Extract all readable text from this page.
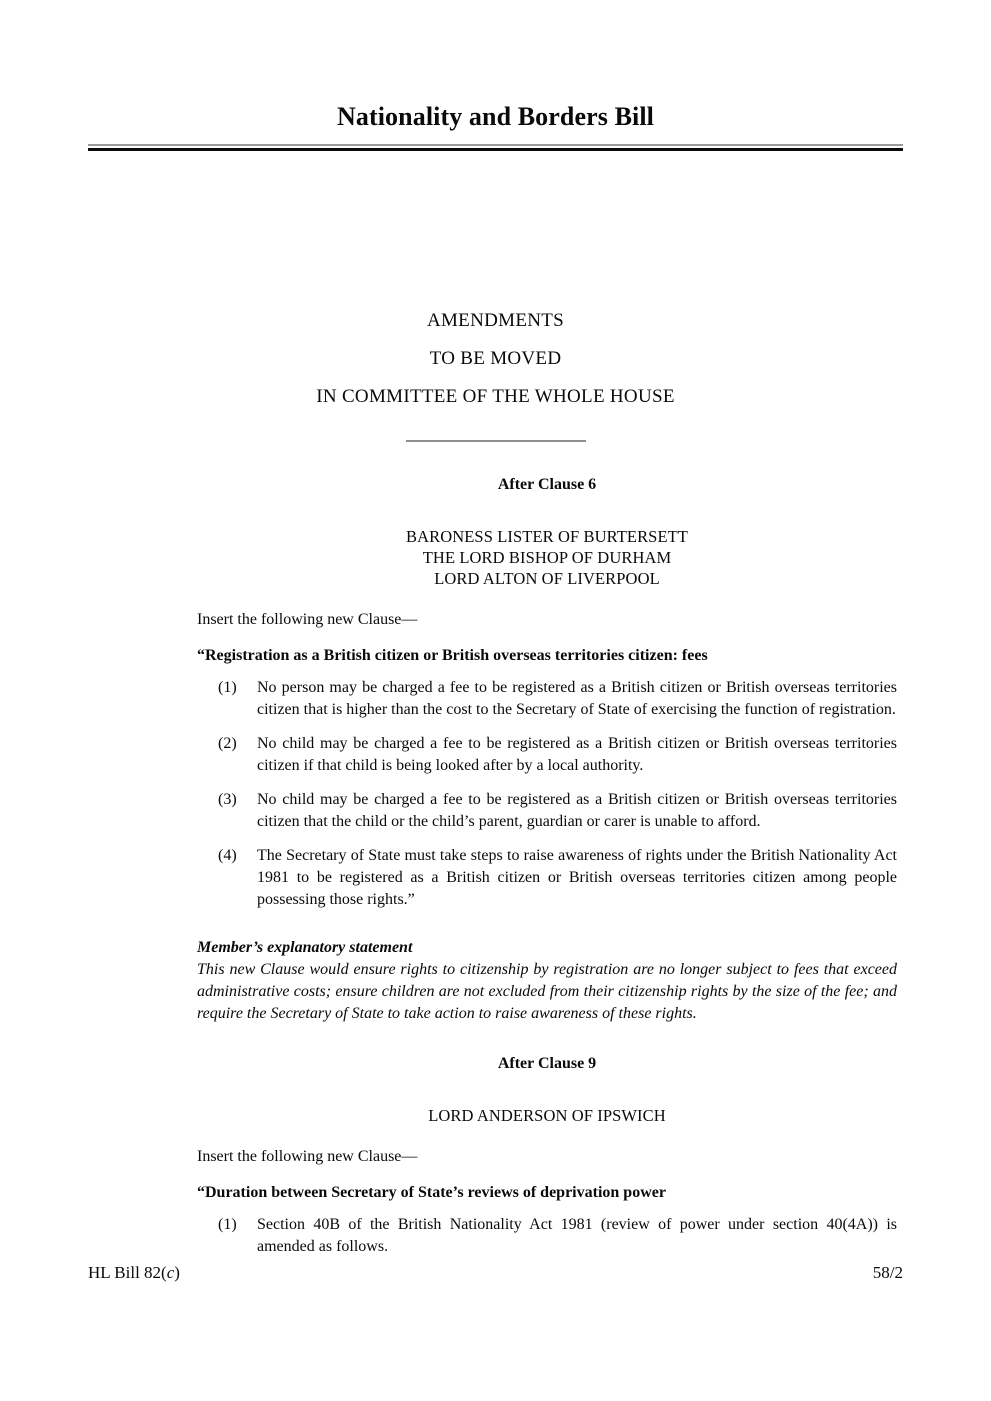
Nationality and Borders Bill

AMENDMENTS

TO BE MOVED

IN COMMITTEE OF THE WHOLE HOUSE

After Clause 6

BARONESS LISTER OF BURTERSETT
THE LORD BISHOP OF DURHAM
LORD ALTON OF LIVERPOOL

Insert the following new Clause—

“Registration as a British citizen or British overseas territories citizen: fees

(1)	No person may be charged a fee to be registered as a British citizen or British overseas territories citizen that is higher than the cost to the Secretary of State of exercising the function of registration.
(2)	No child may be charged a fee to be registered as a British citizen or British overseas territories citizen if that child is being looked after by a local authority.
(3)	No child may be charged a fee to be registered as a British citizen or British overseas territories citizen that the child or the child’s parent, guardian or carer is unable to afford.
(4)	The Secretary of State must take steps to raise awareness of rights under the British Nationality Act 1981 to be registered as a British citizen or British overseas territories citizen among people possessing those rights.”

Member’s explanatory statement

This new Clause would ensure rights to citizenship by registration are no longer subject to fees that exceed administrative costs; ensure children are not excluded from their citizenship rights by the size of the fee; and require the Secretary of State to take action to raise awareness of these rights.

After Clause 9

LORD ANDERSON OF IPSWICH

Insert the following new Clause—

“Duration between Secretary of State’s reviews of deprivation power

(1)	Section 40B of the British Nationality Act 1981 (review of power under section 40(4A)) is amended as follows.
HL Bill 82(c)	58/2
